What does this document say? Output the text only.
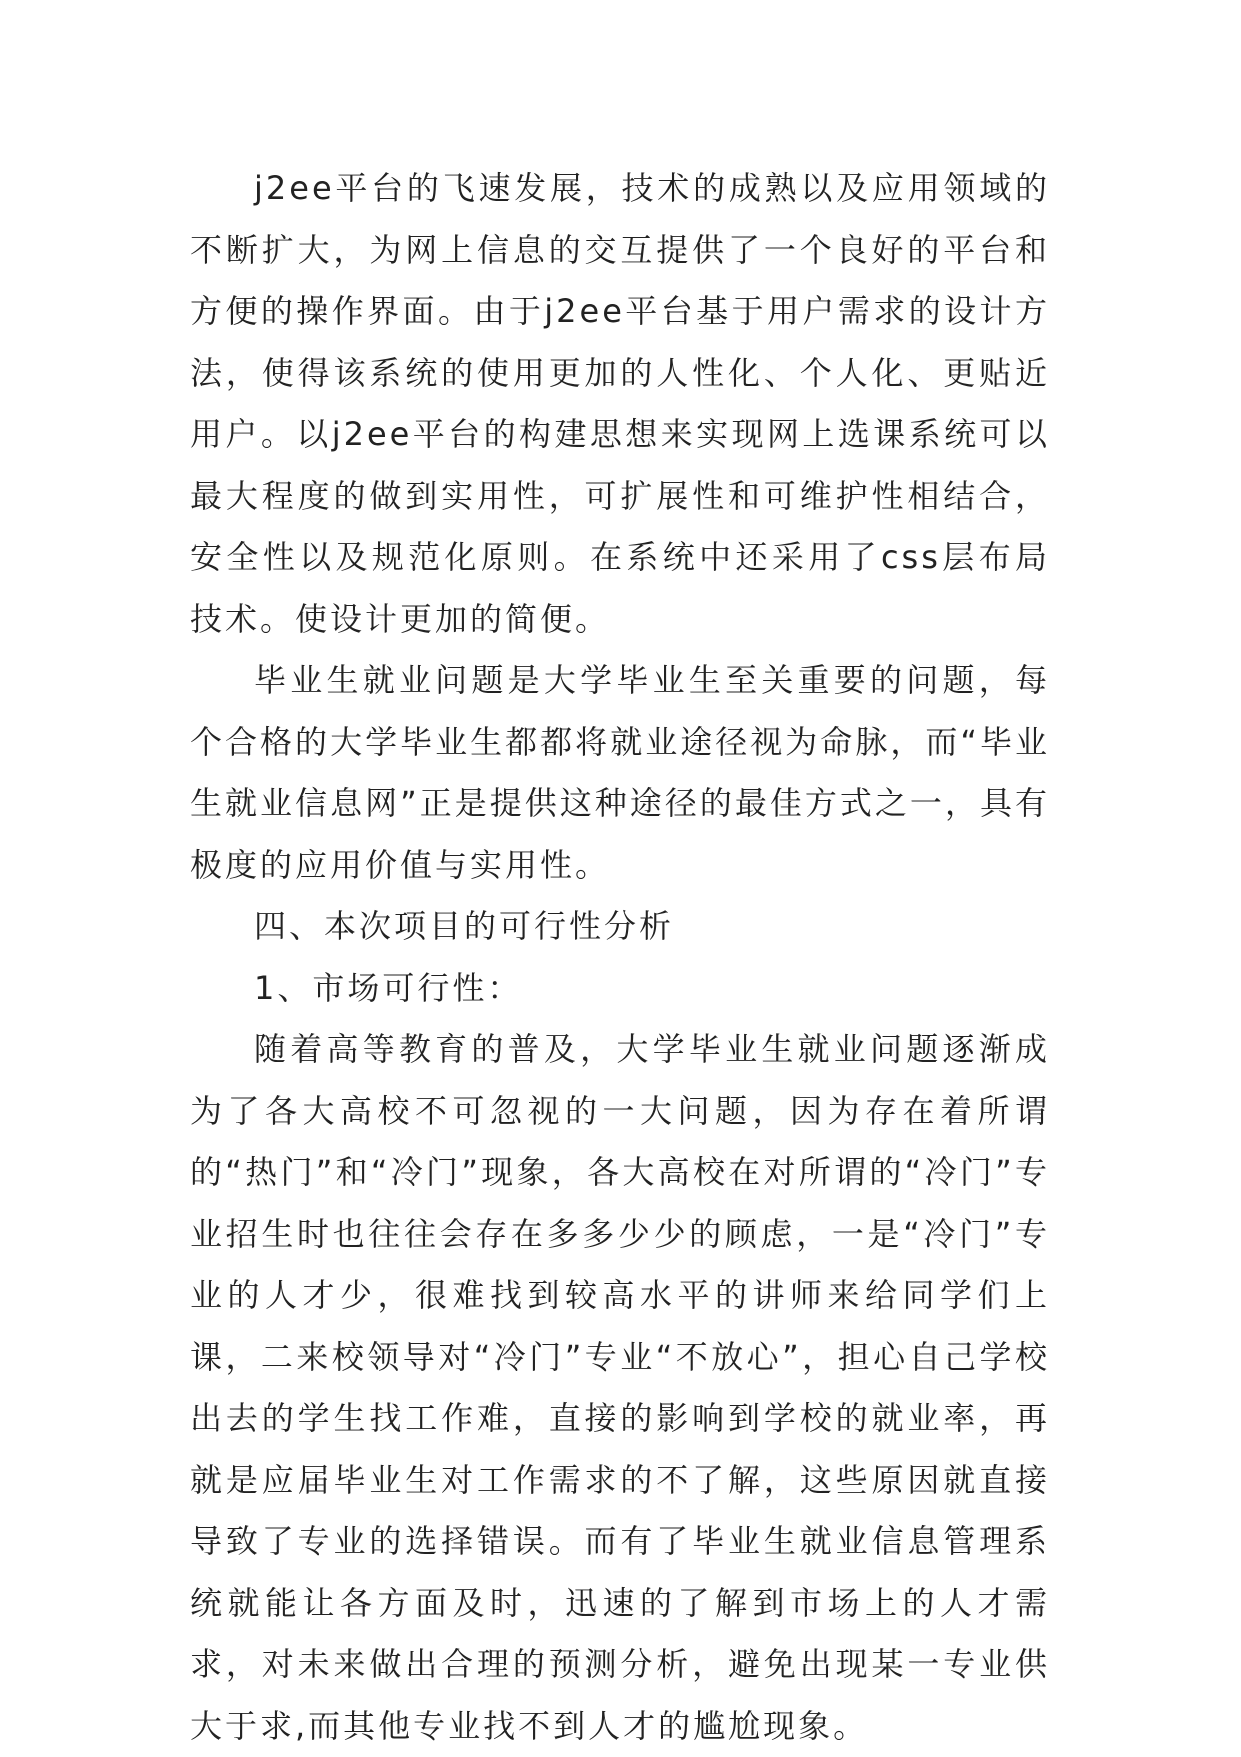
j2ee平台的飞速发展，技术的成熟以及应用领域的不断扩大，为网上信息的交互提供了一个良好的平台和方便的操作界面。由于j2ee平台基于用户需求的设计方法，使得该系统的使用更加的人性化、个人化、更贴近用户。以j2ee平台的构建思想来实现网上选课系统可以最大程度的做到实用性，可扩展性和可维护性相结合，安全性以及规范化原则。在系统中还采用了css层布局技术。使设计更加的简便。

毕业生就业问题是大学毕业生至关重要的问题，每个合格的大学毕业生都都将就业途径视为命脉，而“毕业生就业信息网”正是提供这种途径的最佳方式之一，具有极度的应用价值与实用性。

四、本次项目的可行性分析

1、市场可行性：

随着高等教育的普及，大学毕业生就业问题逐渐成为了各大高校不可忽视的一大问题，因为存在着所谓的“热门”和“冷门”现象，各大高校在对所谓的“冷门”专业招生时也往往会存在多多少少的顾虑，一是“冷门”专业的人才少，很难找到较高水平的讲师来给同学们上课，二来校领导对“冷门”专业“不放心”，担心自己学校出去的学生找工作难，直接的影响到学校的就业率，再就是应届毕业生对工作需求的不了解，这些原因就直接导致了专业的选择错误。而有了毕业生就业信息管理系统就能让各方面及时，迅速的了解到市场上的人才需求，对未来做出合理的预测分析，避免出现某一专业供大于求,而其他专业找不到人才的尴尬现象。
